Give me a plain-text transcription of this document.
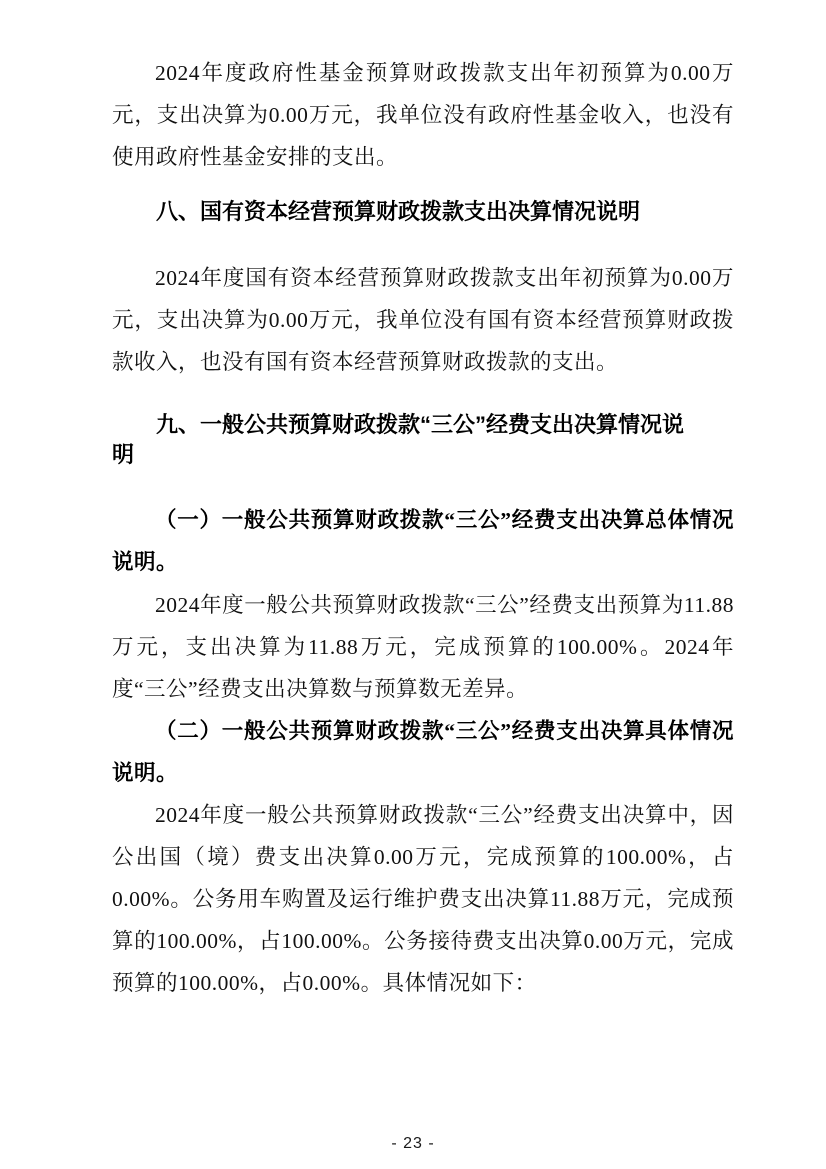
2024年度政府性基金预算财政拨款支出年初预算为0.00万元，支出决算为0.00万元，我单位没有政府性基金收入，也没有使用政府性基金安排的支出。

八、国有资本经营预算财政拨款支出决算情况说明

2024年度国有资本经营预算财政拨款支出年初预算为0.00万元，支出决算为0.00万元，我单位没有国有资本经营预算财政拨款收入，也没有国有资本经营预算财政拨款的支出。

九、一般公共预算财政拨款“三公”经费支出决算情况说明
（一）一般公共预算财政拨款“三公”经费支出决算总体情况说明。

2024年度一般公共预算财政拨款“三公”经费支出预算为11.88万元，支出决算为11.88万元，完成预算的100.00%。2024年度“三公”经费支出决算数与预算数无差异。

（二）一般公共预算财政拨款“三公”经费支出决算具体情况说明。

2024年度一般公共预算财政拨款“三公”经费支出决算中，因公出国（境）费支出决算0.00万元，完成预算的100.00%，占0.00%。公务用车购置及运行维护费支出决算11.88万元，完成预算的100.00%，占100.00%。公务接待费支出决算0.00万元，完成预算的100.00%，占0.00%。具体情况如下：

- 23 -
